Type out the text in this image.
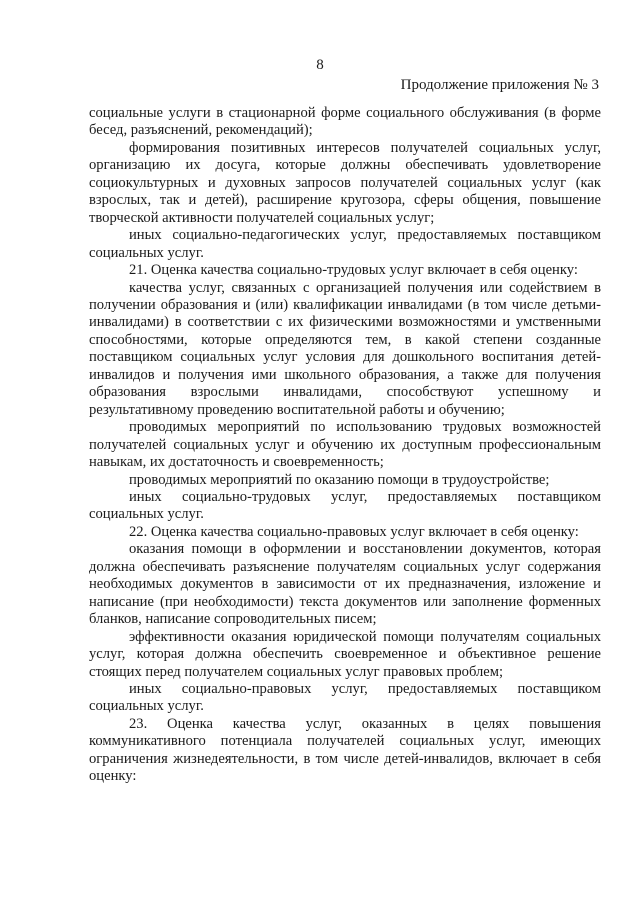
8
Продолжение приложения № 3

социальные услуги в стационарной форме социального обслуживания (в форме бесед, разъяснений, рекомендаций);

формирования позитивных интересов получателей социальных услуг, организацию их досуга, которые должны обеспечивать удовлетворение социокультурных и духовных запросов получателей социальных услуг (как взрослых, так и детей), расширение кругозора, сферы общения, повышение творческой активности получателей социальных услуг;

иных социально-педагогических услуг, предоставляемых поставщиком социальных услуг.

21. Оценка качества социально-трудовых услуг включает в себя оценку:

качества услуг, связанных с организацией получения или содействием в получении образования и (или) квалификации инвалидами (в том числе детьми-инвалидами) в соответствии с их физическими возможностями и умственными способностями, которые определяются тем, в какой степени созданные поставщиком социальных услуг условия для дошкольного воспитания детей-инвалидов и получения ими школьного образования, а также для получения образования взрослыми инвалидами, способствуют успешному и результативному проведению воспитательной работы и обучению;

проводимых мероприятий по использованию трудовых возможностей получателей социальных услуг и обучению их доступным профессиональным навыкам, их достаточность и своевременность;

проводимых мероприятий по оказанию помощи в трудоустройстве;

иных социально-трудовых услуг, предоставляемых поставщиком социальных услуг.

22. Оценка качества социально-правовых услуг включает в себя оценку:

оказания помощи в оформлении и восстановлении документов, которая должна обеспечивать разъяснение получателям социальных услуг содержания необходимых документов в зависимости от их предназначения, изложение и написание (при необходимости) текста документов или заполнение форменных бланков, написание сопроводительных писем;

эффективности оказания юридической помощи получателям социальных услуг, которая должна обеспечить своевременное и объективное решение стоящих перед получателем социальных услуг правовых проблем;

иных социально-правовых услуг, предоставляемых поставщиком социальных услуг.

23. Оценка качества услуг, оказанных в целях повышения коммуникативного потенциала получателей социальных услуг, имеющих ограничения жизнедеятельности, в том числе детей-инвалидов, включает в себя оценку:
